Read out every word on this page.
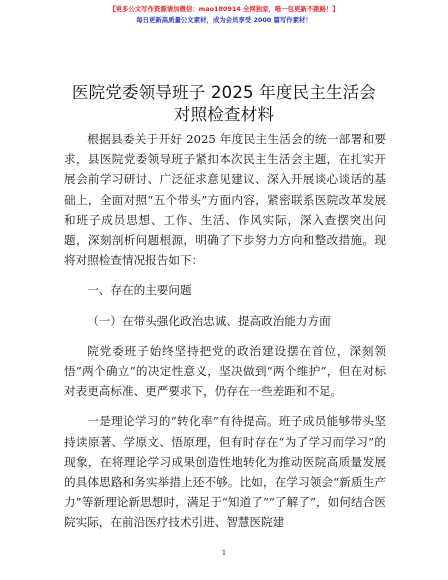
【更多公文写作资源请加微信：mao180914 全网独家，唯一包更新不跑路！】
每日更新高质量公文素材，成为会员享受 2000 篇写作素材！
医院党委领导班子 2025 年度民主生活会对照检查材料

根据县委关于开好 2025 年度民主生活会的统一部署和要求，县医院党委领导班子紧扣本次民主生活会主题，在扎实开展会前学习研讨、广泛征求意见建议、深入开展谈心谈话的基础上，全面对照“五个带头”方面内容，紧密联系医院改革发展和班子成员思想、工作、生活、作风实际，深入查摆突出问题，深刻剖析问题根源，明确了下步努力方向和整改措施。现将对照检查情况报告如下：

一、存在的主要问题

（一）在带头强化政治忠诚、提高政治能力方面

院党委班子始终坚持把党的政治建设摆在首位，深刻领悟“两个确立”的决定性意义，坚决做到“两个维护”，但在对标对表更高标准、更严要求下，仍存在一些差距和不足。

一是理论学习的“转化率”有待提高。班子成员能够带头坚持读原著、学原文、悟原理，但有时存在“为了学习而学习”的现象，在将理论学习成果创造性地转化为推动医院高质量发展的具体思路和务实举措上还不够。比如，在学习领会“新质生产力”等新理论新思想时，满足于“知道了”“了解了”，如何结合医院实际，在前沿医疗技术引进、智慧医院建

1
